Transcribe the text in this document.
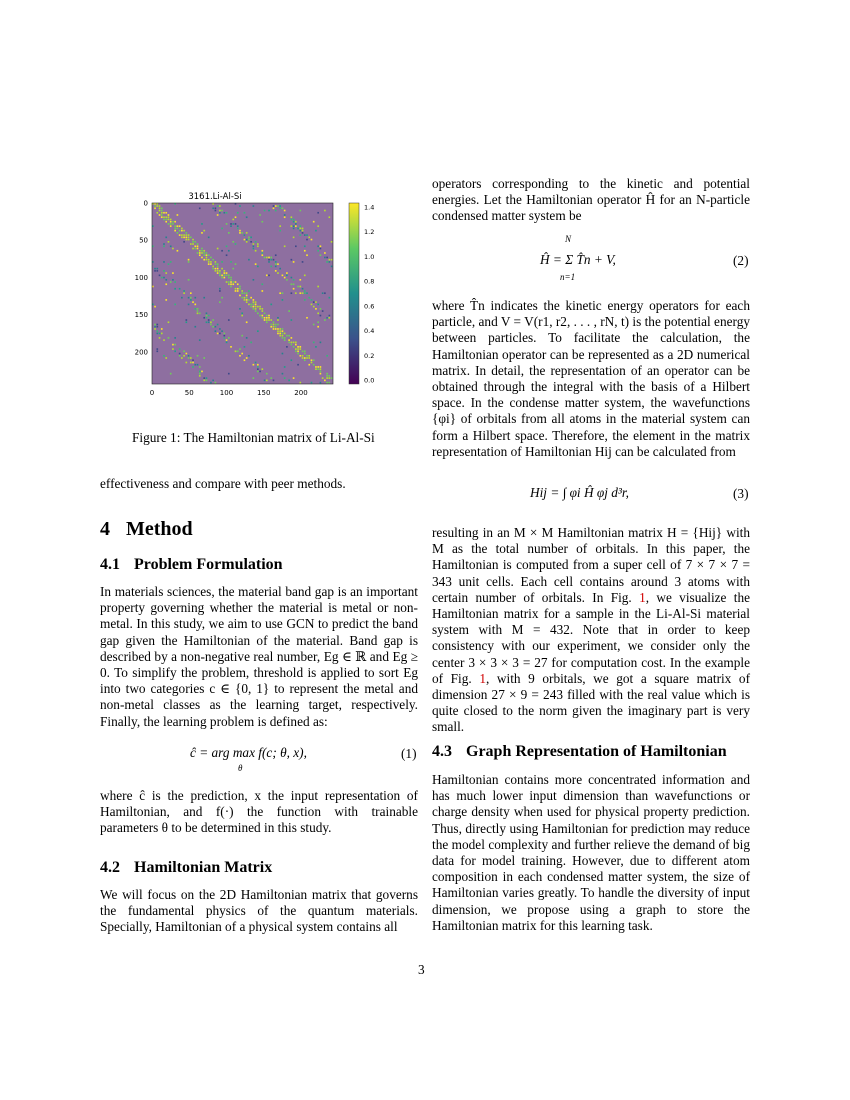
3161.Li-Al-Si
0
50
100
150
200
0	50	100	150	200
1.4
1.2
1.0
0.8
0.6
0.4
0.2
0.0
Figure 1: The Hamiltonian matrix of Li-Al-Si

effectiveness and compare with peer methods.

4 Method
4.1 Problem Formulation

In materials sciences, the material band gap is an important property governing whether the material is metal or non-metal. In this study, we aim to use GCN to predict the band gap given the Hamiltonian of the material. Band gap is described by a non-negative real number, Eg ∈ ℝ and Eg ≥ 0. To simplify the problem, threshold is applied to sort Eg into two categories c ∈ {0, 1} to represent the metal and non-metal classes as the learning target, respectively. Finally, the learning problem is defined as:

ĉ = arg max f(c; θ, x),
θ
(1)

where ĉ is the prediction, x the input representation of Hamiltonian, and f(·) the function with trainable parameters θ to be determined in this study.

4.2 Hamiltonian Matrix

We will focus on the 2D Hamiltonian matrix that governs the fundamental physics of the quantum materials. Specially, Hamiltonian of a physical system contains all

operators corresponding to the kinetic and potential energies. Let the Hamiltonian operator Ĥ for an N-particle condensed matter system be

N
Ĥ = Σ T̂n + V,
n=1
(2)

where T̂n indicates the kinetic energy operators for each particle, and V = V(r1, r2, . . . , rN, t) is the potential energy between particles. To facilitate the calculation, the Hamiltonian operator can be represented as a 2D numerical matrix. In detail, the representation of an operator can be obtained through the integral with the basis of a Hilbert space. In the condense matter system, the wavefunctions {φi} of orbitals from all atoms in the material system can form a Hilbert space. Therefore, the element in the matrix representation of Hamiltonian Hij can be calculated from

Hij = ∫ φi Ĥ φj d³r,	(3)

resulting in an M × M Hamiltonian matrix H = {Hij} with M as the total number of orbitals. In this paper, the Hamiltonian is computed from a super cell of 7 × 7 × 7 = 343 unit cells. Each cell contains around 3 atoms with certain number of orbitals. In Fig. 1, we visualize the Hamiltonian matrix for a sample in the Li-Al-Si material system with M = 432. Note that in order to keep consistency with our experiment, we consider only the center 3 × 3 × 3 = 27 for computation cost. In the example of Fig. 1, with 9 orbitals, we got a square matrix of dimension 27 × 9 = 243 filled with the real value which is quite closed to the norm given the imaginary part is very small.

4.3 Graph Representation of Hamiltonian

Hamiltonian contains more concentrated information and has much lower input dimension than wavefunctions or charge density when used for physical property prediction. Thus, directly using Hamiltonian for prediction may reduce the model complexity and further relieve the demand of big data for model training. However, due to different atom composition in each condensed matter system, the size of Hamiltonian varies greatly. To handle the diversity of input dimension, we propose using a graph to store the Hamiltonian matrix for this learning task.

3
